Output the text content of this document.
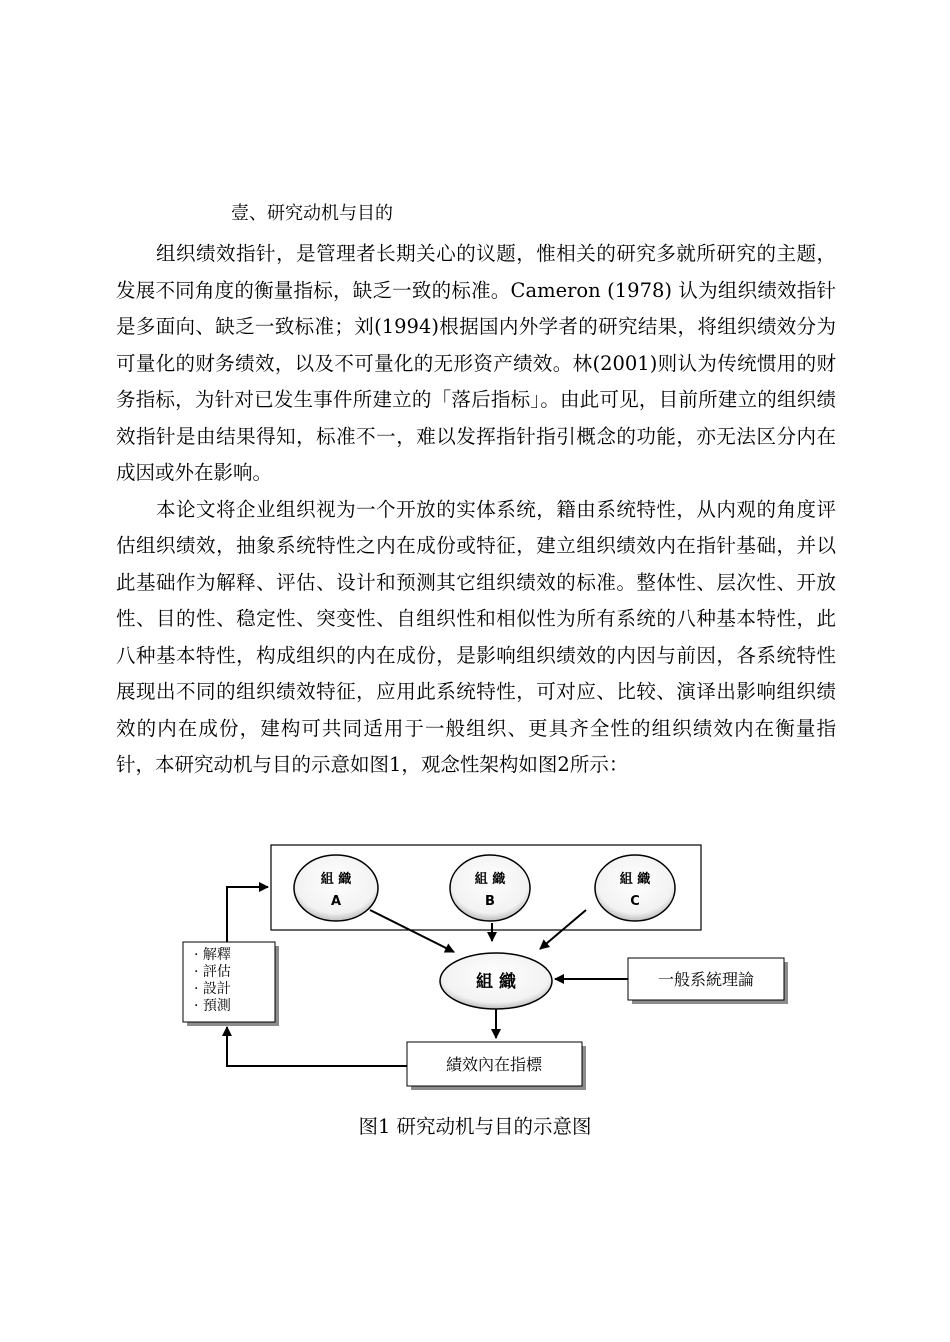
壹、研究动机与目的

组织绩效指针，是管理者长期关心的议题，惟相关的研究多就所研究的主题，发展不同角度的衡量指标，缺乏一致的标准。Cameron (1978) 认为组织绩效指针是多面向、缺乏一致标准；刘(1994)根据国内外学者的研究结果，将组织绩效分为可量化的财务绩效，以及不可量化的无形资产绩效。林(2001)则认为传统惯用的财务指标，为针对已发生事件所建立的「落后指标」。由此可见，目前所建立的组织绩效指针是由结果得知，标准不一，难以发挥指针指引概念的功能，亦无法区分内在成因或外在影响。

本论文将企业组织视为一个开放的实体系统，籍由系统特性，从内观的角度评估组织绩效，抽象系统特性之内在成份或特征，建立组织绩效内在指针基础，并以此基础作为解释、评估、设计和预测其它组织绩效的标准。整体性、层次性、开放性、目的性、稳定性、突变性、自组织性和相似性为所有系统的八种基本特性，此八种基本特性，构成组织的内在成份，是影响组织绩效的内因与前因，各系统特性展现出不同的组织绩效特征，应用此系统特性，可对应、比较、演译出影响组织绩效的内在成份，建构可共同适用于一般组织、更具齐全性的组织绩效内在衡量指针，本研究动机与目的示意如图1，观念性架构如图2所示：

組 織
A
組 織
B
組 織
C
組 織	一般系統理論
績效內在指標
· 解釋
· 評估
· 設計
· 預測
图1 研究动机与目的示意图
